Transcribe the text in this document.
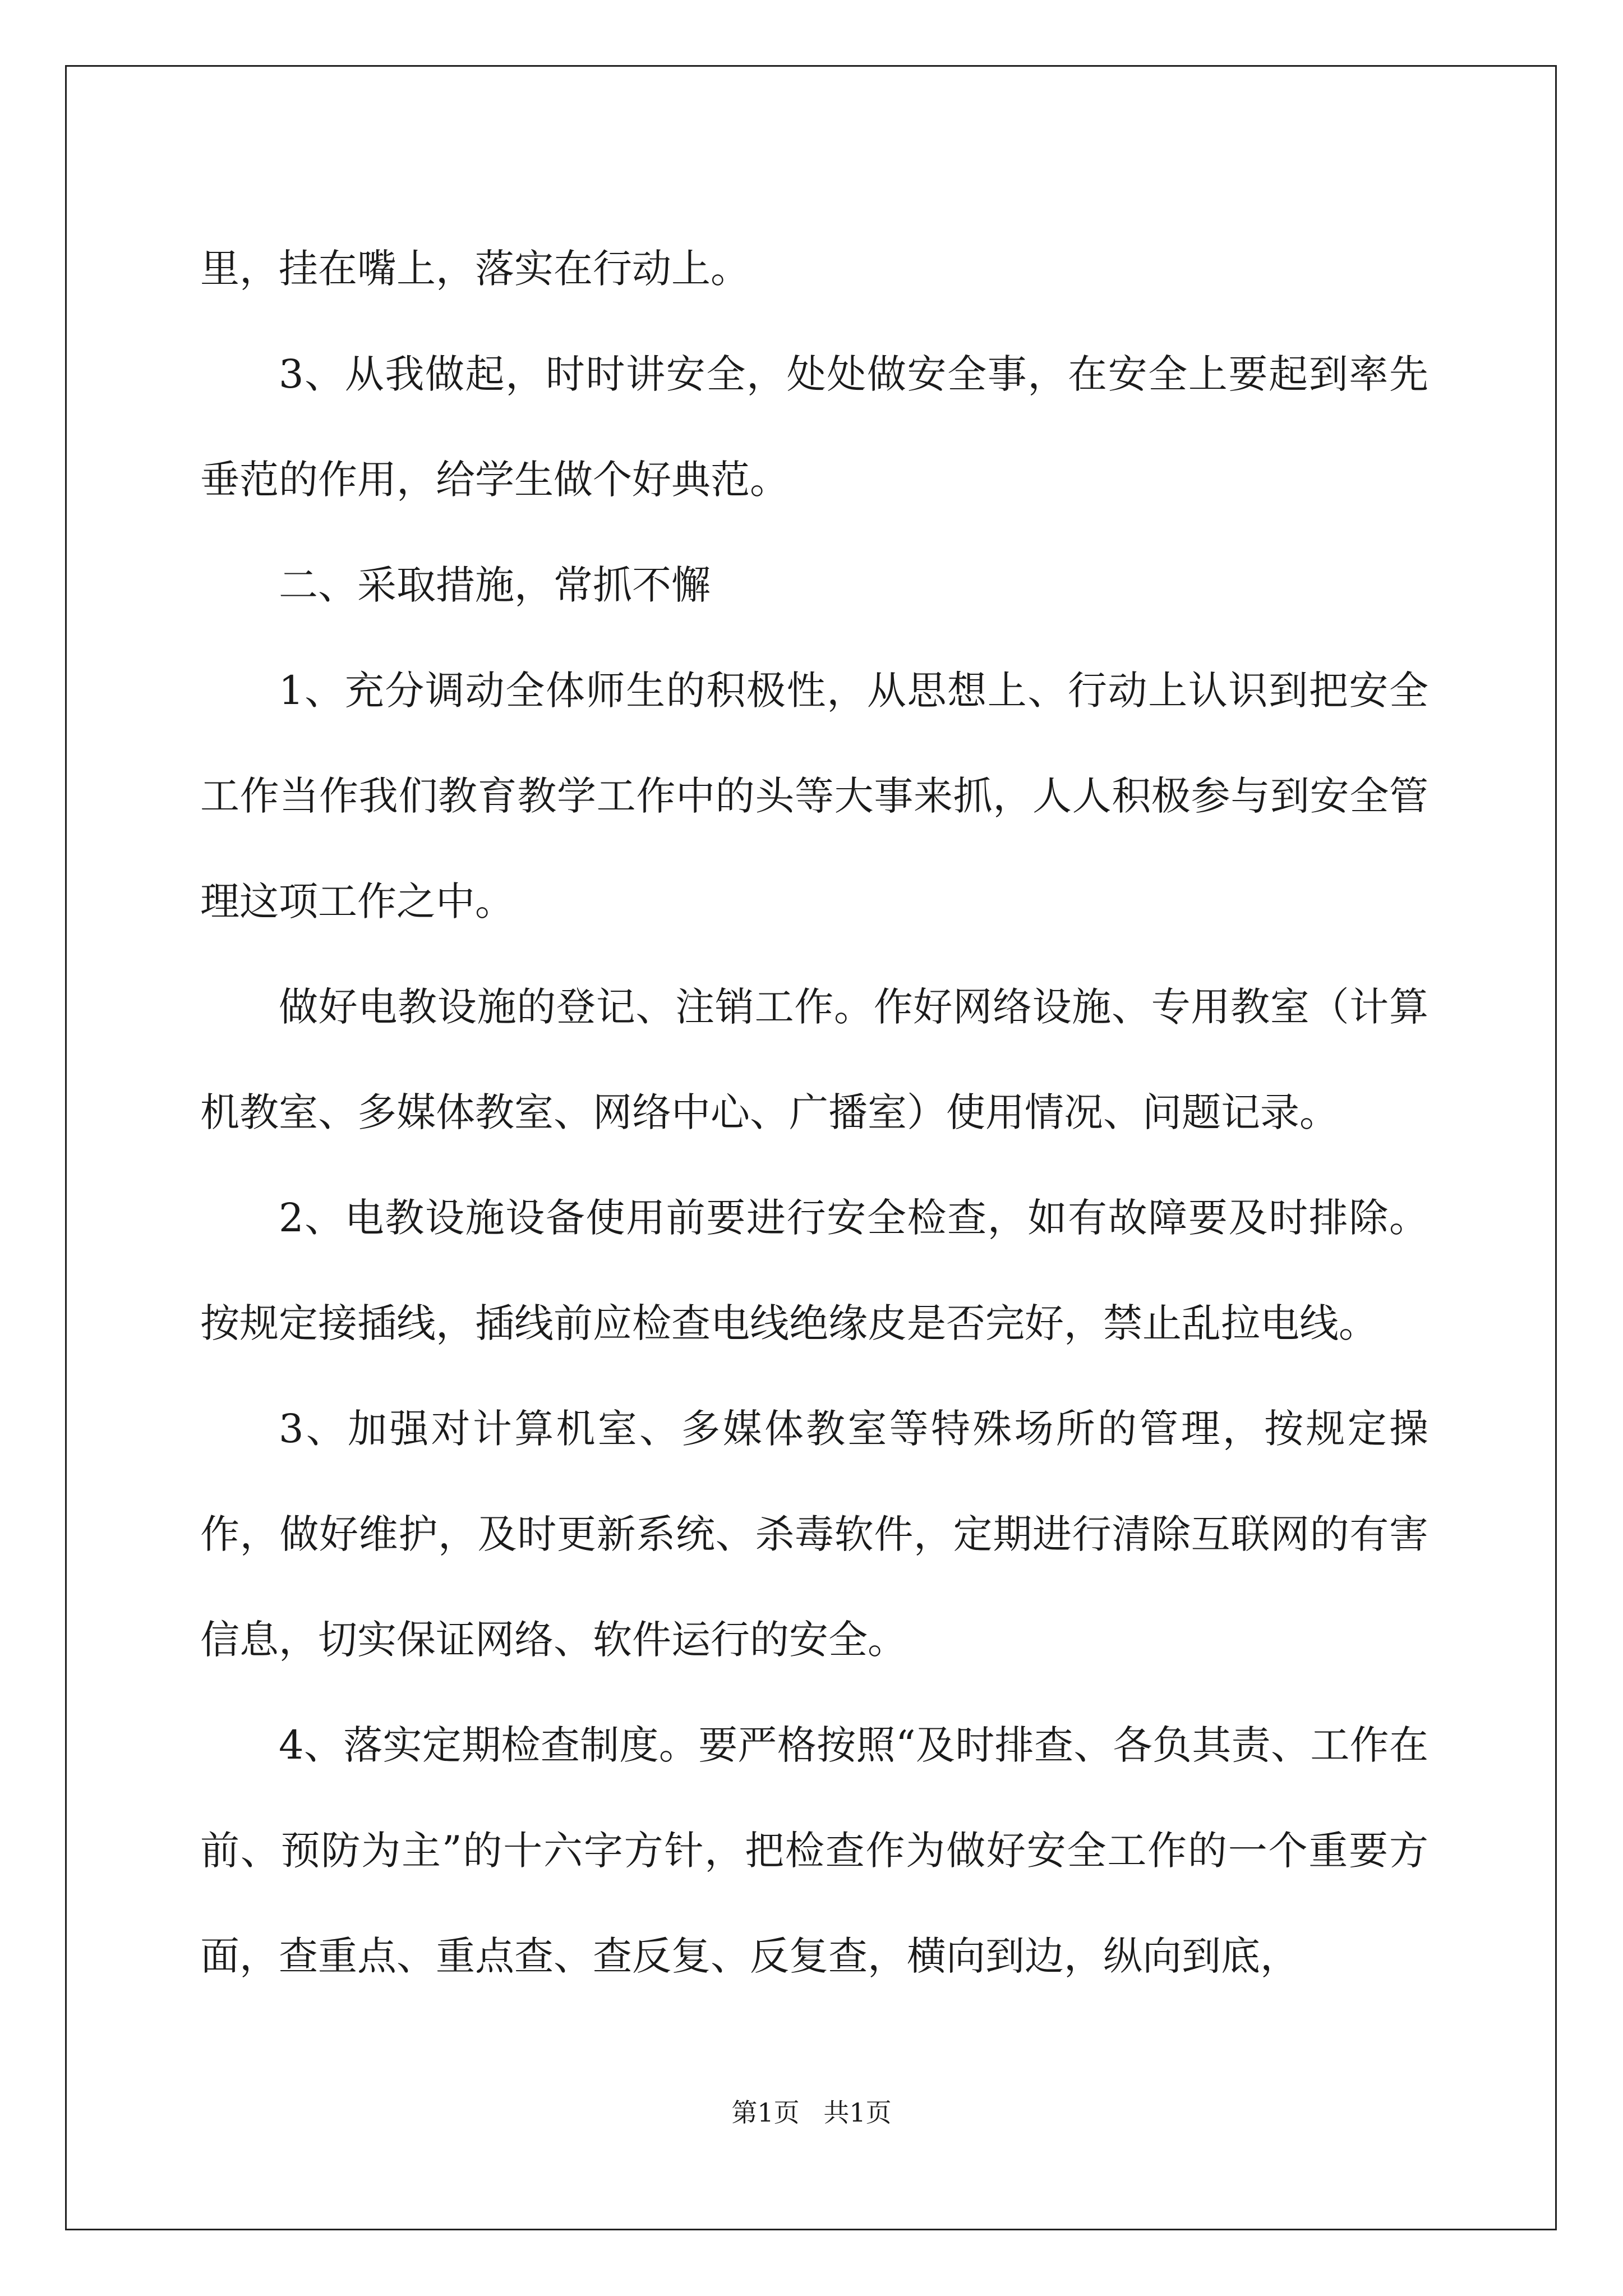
里，挂在嘴上，落实在行动上。

3、从我做起，时时讲安全，处处做安全事，在安全上要起到率先垂范的作用，给学生做个好典范。

二、采取措施，常抓不懈

1、充分调动全体师生的积极性，从思想上、行动上认识到把安全工作当作我们教育教学工作中的头等大事来抓，人人积极参与到安全管理这项工作之中。

做好电教设施的登记、注销工作。作好网络设施、专用教室（计算机教室、多媒体教室、网络中心、广播室）使用情况、问题记录。

2、电教设施设备使用前要进行安全检查，如有故障要及时排除。按规定接插线，插线前应检查电线绝缘皮是否完好，禁止乱拉电线。

3、加强对计算机室、多媒体教室等特殊场所的管理，按规定操作，做好维护，及时更新系统、杀毒软件，定期进行清除互联网的有害信息，切实保证网络、软件运行的安全。

4、落实定期检查制度。要严格按照“及时排查、各负其责、工作在前、预防为主”的十六字方针，把检查作为做好安全工作的一个重要方面，查重点、重点查、查反复、反复查，横向到边，纵向到底，

第1页 共1页
